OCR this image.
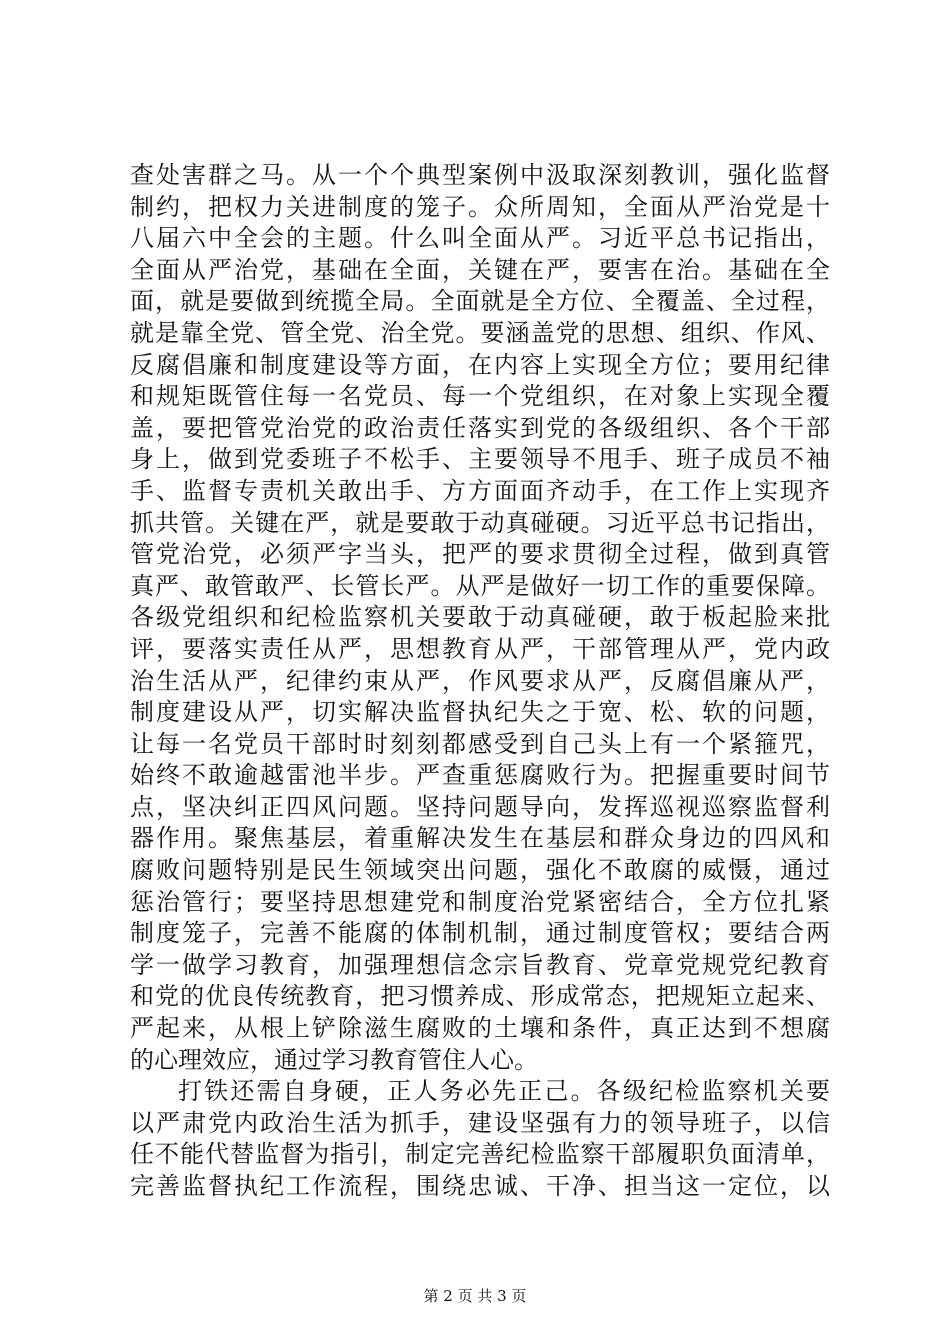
查处害群之马。从一个个典型案例中汲取深刻教训，强化监督
制约，把权力关进制度的笼子。众所周知，全面从严治党是十
八届六中全会的主题。什么叫全面从严。习近平总书记指出，
全面从严治党，基础在全面，关键在严，要害在治。基础在全
面，就是要做到统揽全局。全面就是全方位、全覆盖、全过程，
就是靠全党、管全党、治全党。要涵盖党的思想、组织、作风、
反腐倡廉和制度建设等方面，在内容上实现全方位；要用纪律
和规矩既管住每一名党员、每一个党组织，在对象上实现全覆
盖，要把管党治党的政治责任落实到党的各级组织、各个干部
身上，做到党委班子不松手、主要领导不甩手、班子成员不袖
手、监督专责机关敢出手、方方面面齐动手，在工作上实现齐
抓共管。关键在严，就是要敢于动真碰硬。习近平总书记指出，
管党治党，必须严字当头，把严的要求贯彻全过程，做到真管
真严、敢管敢严、长管长严。从严是做好一切工作的重要保障。
各级党组织和纪检监察机关要敢于动真碰硬，敢于板起脸来批
评，要落实责任从严，思想教育从严，干部管理从严，党内政
治生活从严，纪律约束从严，作风要求从严，反腐倡廉从严，
制度建设从严，切实解决监督执纪失之于宽、松、软的问题，
让每一名党员干部时时刻刻都感受到自己头上有一个紧箍咒，
始终不敢逾越雷池半步。严查重惩腐败行为。把握重要时间节
点，坚决纠正四风问题。坚持问题导向，发挥巡视巡察监督利
器作用。聚焦基层，着重解决发生在基层和群众身边的四风和
腐败问题特别是民生领域突出问题，强化不敢腐的威慑，通过
惩治管行；要坚持思想建党和制度治党紧密结合，全方位扎紧
制度笼子，完善不能腐的体制机制，通过制度管权；要结合两
学一做学习教育，加强理想信念宗旨教育、党章党规党纪教育
和党的优良传统教育，把习惯养成、形成常态，把规矩立起来、
严起来，从根上铲除滋生腐败的土壤和条件，真正达到不想腐
的心理效应，通过学习教育管住人心。
打铁还需自身硬，正人务必先正己。各级纪检监察机关要
以严肃党内政治生活为抓手，建设坚强有力的领导班子，以信
任不能代替监督为指引，制定完善纪检监察干部履职负面清单，
完善监督执纪工作流程，围绕忠诚、干净、担当这一定位，以
第 2 页 共 3 页
